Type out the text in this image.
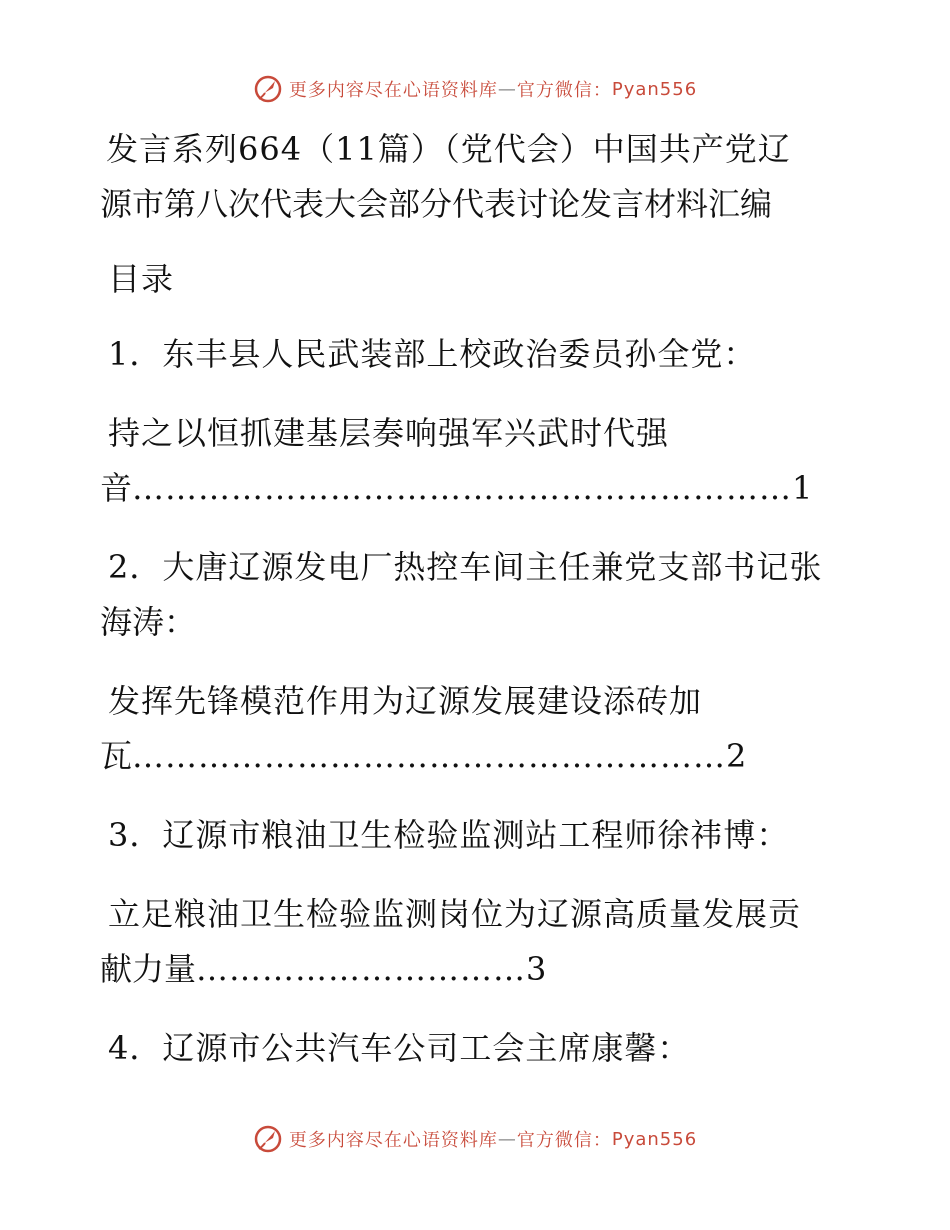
更多内容尽在心语资料库 — 官方微信： Pyan556

发言系列664（11篇）（党代会）中国共产党辽

源市第八次代表大会部分代表讨论发言材料汇编

目录

1．东丰县人民武装部上校政治委员孙全党：

持之以恒抓建基层奏响强军兴武时代强

音……………………………………………………1

2．大唐辽源发电厂热控车间主任兼党支部书记张

海涛：

发挥先锋模范作用为辽源发展建设添砖加

瓦………………………………………………2

3．辽源市粮油卫生检验监测站工程师徐祎博：

立足粮油卫生检验监测岗位为辽源高质量发展贡

献力量…………………………3

4．辽源市公共汽车公司工会主席康馨：

更多内容尽在心语资料库 — 官方微信： Pyan556
